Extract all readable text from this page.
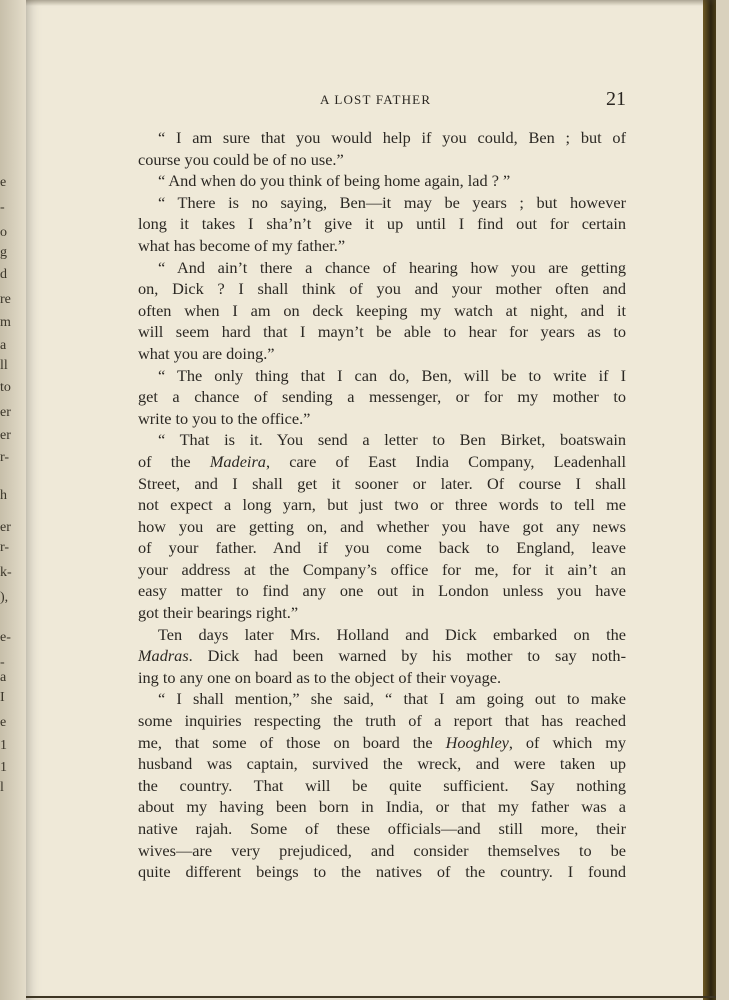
e
-
o
g
d
re
m
a
ll
to
er
er
r-
h
er
r-
k-
),
e-
-
a
I
e
1
1
l
A LOST FATHER	21
“ I am sure that you would help if you could, Ben ; but of
course you could be of no use.”
“ And when do you think of being home again, lad ? ”
“ There is no saying, Ben—it may be years ; but however
long it takes I sha’n’t give it up until I find out for certain
what has become of my father.”
“ And ain’t there a chance of hearing how you are getting
on, Dick ? I shall think of you and your mother often and
often when I am on deck keeping my watch at night, and it
will seem hard that I mayn’t be able to hear for years as to
what you are doing.”
“ The only thing that I can do, Ben, will be to write if I
get a chance of sending a messenger, or for my mother to
write to you to the office.”
“ That is it. You send a letter to Ben Birket, boatswain
of the Madeira, care of East India Company, Leadenhall
Street, and I shall get it sooner or later. Of course I shall
not expect a long yarn, but just two or three words to tell me
how you are getting on, and whether you have got any news
of your father. And if you come back to England, leave
your address at the Company’s office for me, for it ain’t an
easy matter to find any one out in London unless you have
got their bearings right.”
Ten days later Mrs. Holland and Dick embarked on the
Madras. Dick had been warned by his mother to say noth-
ing to any one on board as to the object of their voyage.
“ I shall mention,” she said, “ that I am going out to make
some inquiries respecting the truth of a report that has reached
me, that some of those on board the Hooghley, of which my
husband was captain, survived the wreck, and were taken up
the country. That will be quite sufficient. Say nothing
about my having been born in India, or that my father was a
native rajah. Some of these officials—and still more, their
wives—are very prejudiced, and consider themselves to be
quite different beings to the natives of the country. I found
